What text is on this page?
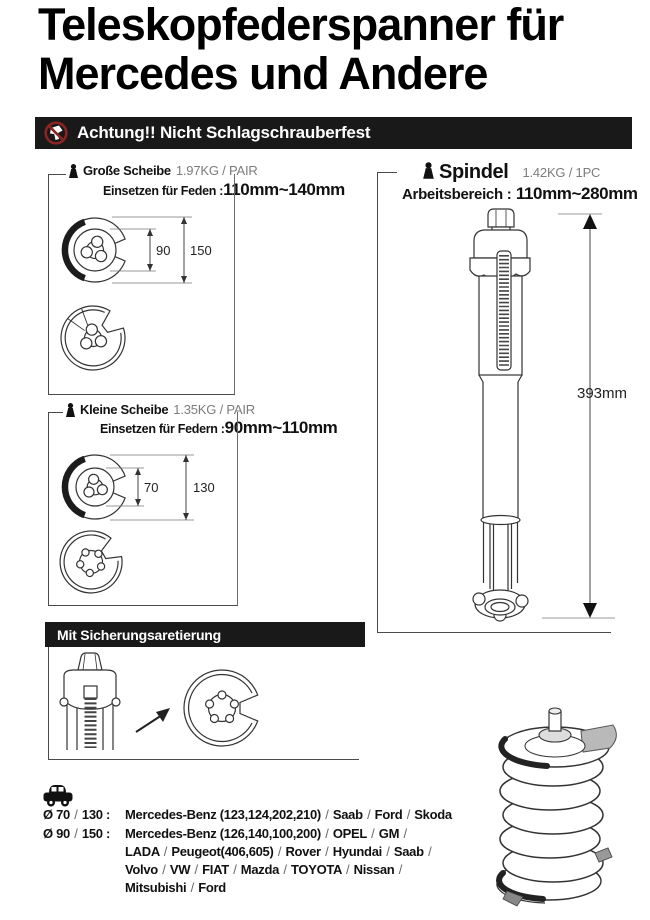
Teleskopfederspanner für
Mercedes und Andere
Achtung!! Nicht Schlagschrauberfest
Große Scheibe 1.97KG / PAIR
Einsetzen für Feden :110mm~140mm
90 150
Kleine Scheibe 1.35KG / PAIR
Einsetzen für Federn :90mm~110mm
70	130
Spindel 1.42KG / 1PC
Arbeitsbereich : 110mm~280mm
393mm
Mit Sicherungsaretierung
Ø 70 / 130 :	Mercedes-Benz (123,124,202,210) / Saab / Ford / Skoda
Ø 90 / 150 :	Mercedes-Benz (126,140,100,200) / OPEL / GM /
LADA / Peugeot(406,605) / Rover / Hyundai / Saab /
Volvo / VW / FIAT / Mazda / TOYOTA / Nissan /
Mitsubishi / Ford
